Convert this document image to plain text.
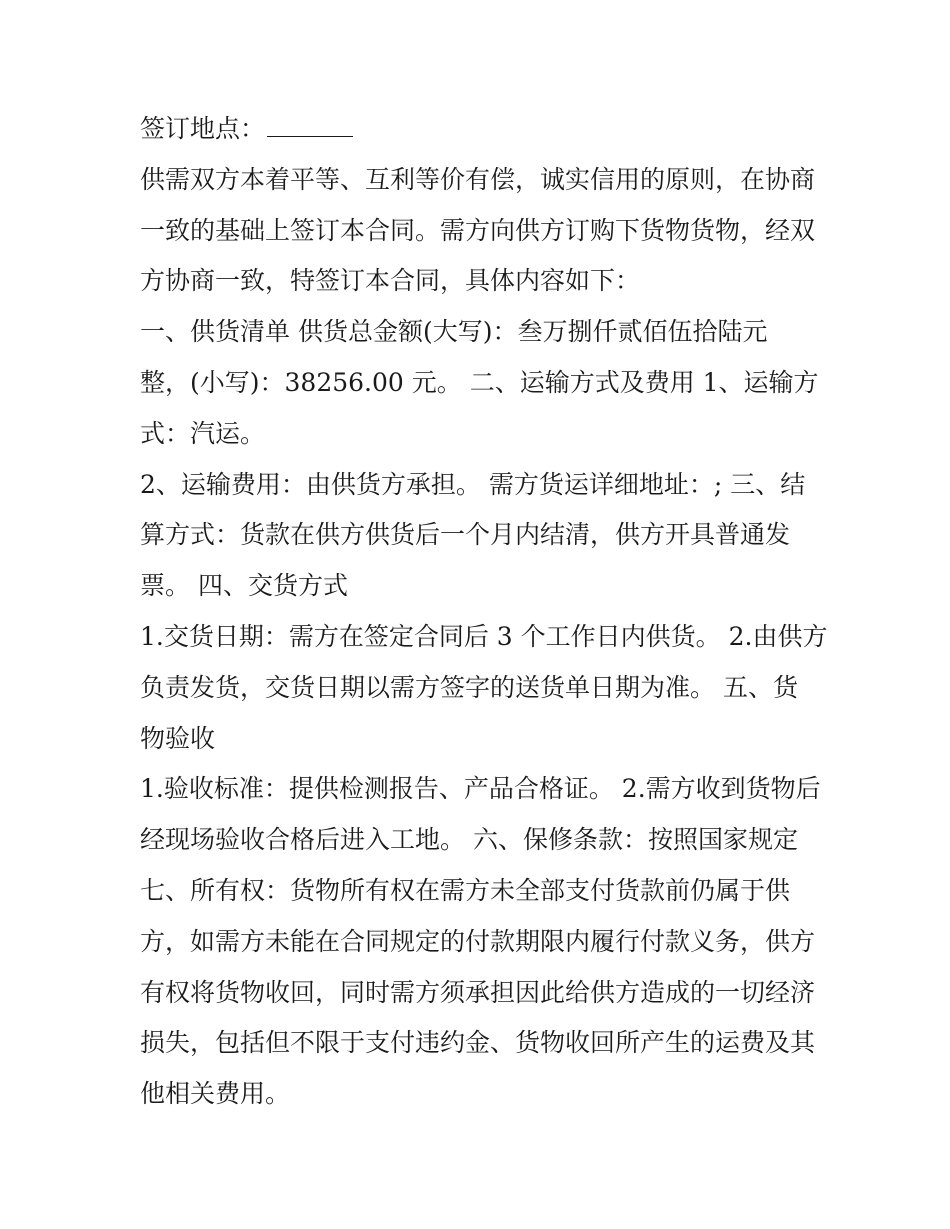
签订地点：
供需双方本着平等、互利等价有偿，诚实信用的原则，在协商
一致的基础上签订本合同。需方向供方订购下货物货物，经双
方协商一致，特签订本合同，具体内容如下：
一、供货清单 供货总金额(大写)：叁万捌仟贰佰伍拾陆元
整，(小写)：38256.00 元。 二、运输方式及费用 1、运输方
式：汽运。
2、运输费用：由供货方承担。 需方货运详细地址：; 三、结
算方式：货款在供方供货后一个月内结清，供方开具普通发
票。 四、交货方式
1.交货日期：需方在签定合同后 3 个工作日内供货。 2.由供方
负责发货，交货日期以需方签字的送货单日期为准。 五、货
物验收
1.验收标准：提供检测报告、产品合格证。 2.需方收到货物后
经现场验收合格后进入工地。 六、保修条款：按照国家规定
七、所有权：货物所有权在需方未全部支付货款前仍属于供
方，如需方未能在合同规定的付款期限内履行付款义务，供方
有权将货物收回，同时需方须承担因此给供方造成的一切经济
损失，包括但不限于支付违约金、货物收回所产生的运费及其
他相关费用。
